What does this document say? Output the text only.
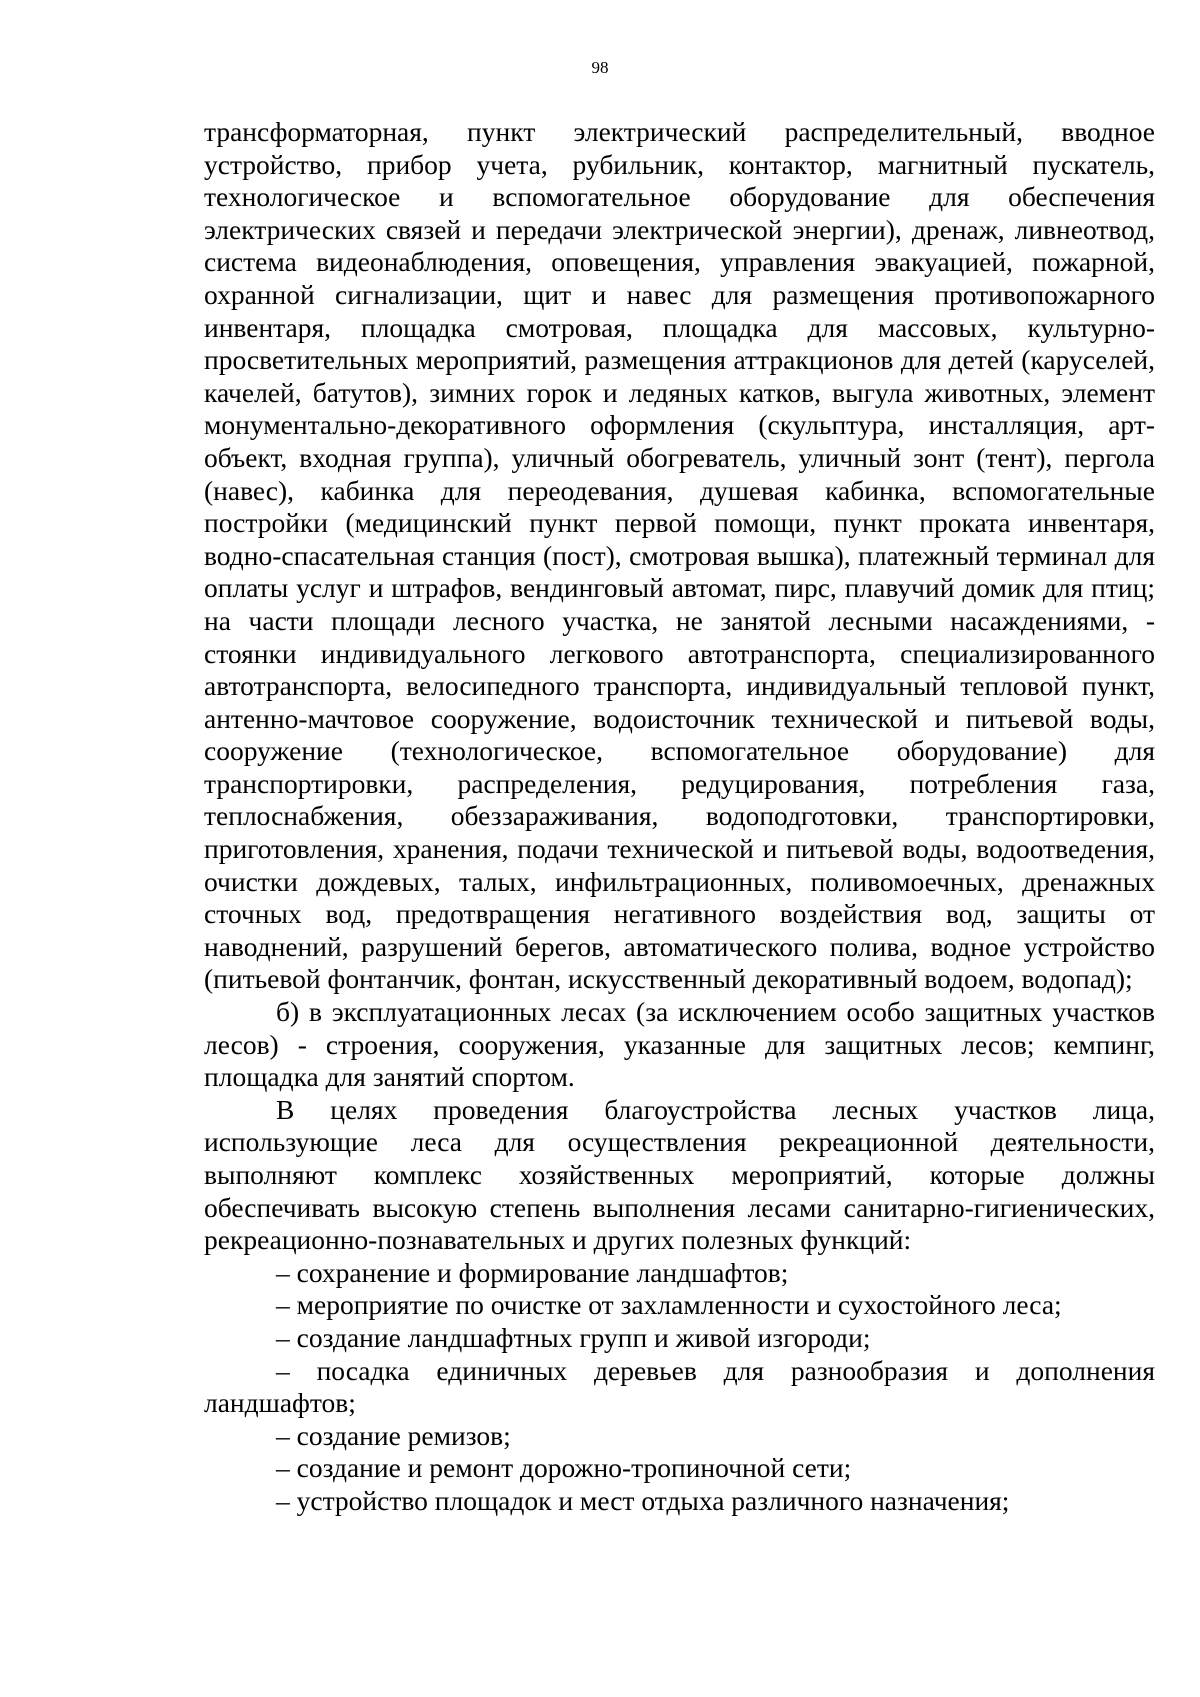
98

трансформаторная, пункт электрический распределительный, вводное устройство, прибор учета, рубильник, контактор, магнитный пускатель, технологическое и вспомогательное оборудование для обеспечения электрических связей и передачи электрической энергии), дренаж, ливнеотвод, система видеонаблюдения, оповещения, управления эвакуацией, пожарной, охранной сигнализации, щит и навес для размещения противопожарного инвентаря, площадка смотровая, площадка для массовых, культурно-просветительных мероприятий, размещения аттракционов для детей (каруселей, качелей, батутов), зимних горок и ледяных катков, выгула животных, элемент монументально-декоративного оформления (скульптура, инсталляция, арт-объект, входная группа), уличный обогреватель, уличный зонт (тент), пергола (навес), кабинка для переодевания, душевая кабинка, вспомогательные постройки (медицинский пункт первой помощи, пункт проката инвентаря, водно-спасательная станция (пост), смотровая вышка), платежный терминал для оплаты услуг и штрафов, вендинговый автомат, пирс, плавучий домик для птиц; на части площади лесного участка, не занятой лесными насаждениями, - стоянки индивидуального легкового автотранспорта, специализированного автотранспорта, велосипедного транспорта, индивидуальный тепловой пункт, антенно-мачтовое сооружение, водоисточник технической и питьевой воды, сооружение (технологическое, вспомогательное оборудование) для транспортировки, распределения, редуцирования, потребления газа, теплоснабжения, обеззараживания, водоподготовки, транспортировки, приготовления, хранения, подачи технической и питьевой воды, водоотведения, очистки дождевых, талых, инфильтрационных, поливомоечных, дренажных сточных вод, предотвращения негативного воздействия вод, защиты от наводнений, разрушений берегов, автоматического полива, водное устройство (питьевой фонтанчик, фонтан, искусственный декоративный водоем, водопад);

б) в эксплуатационных лесах (за исключением особо защитных участков лесов) - строения, сооружения, указанные для защитных лесов; кемпинг, площадка для занятий спортом.

В целях проведения благоустройства лесных участков лица, использующие леса для осуществления рекреационной деятельности, выполняют комплекс хозяйственных мероприятий, которые должны обеспечивать высокую степень выполнения лесами санитарно-гигиенических, рекреационно-познавательных и других полезных функций:

– сохранение и формирование ландшафтов;

– мероприятие по очистке от захламленности и сухостойного леса;

– создание ландшафтных групп и живой изгороди;

– посадка единичных деревьев для разнообразия и дополнения ландшафтов;

– создание ремизов;

– создание и ремонт дорожно-тропиночной сети;

– устройство площадок и мест отдыха различного назначения;
